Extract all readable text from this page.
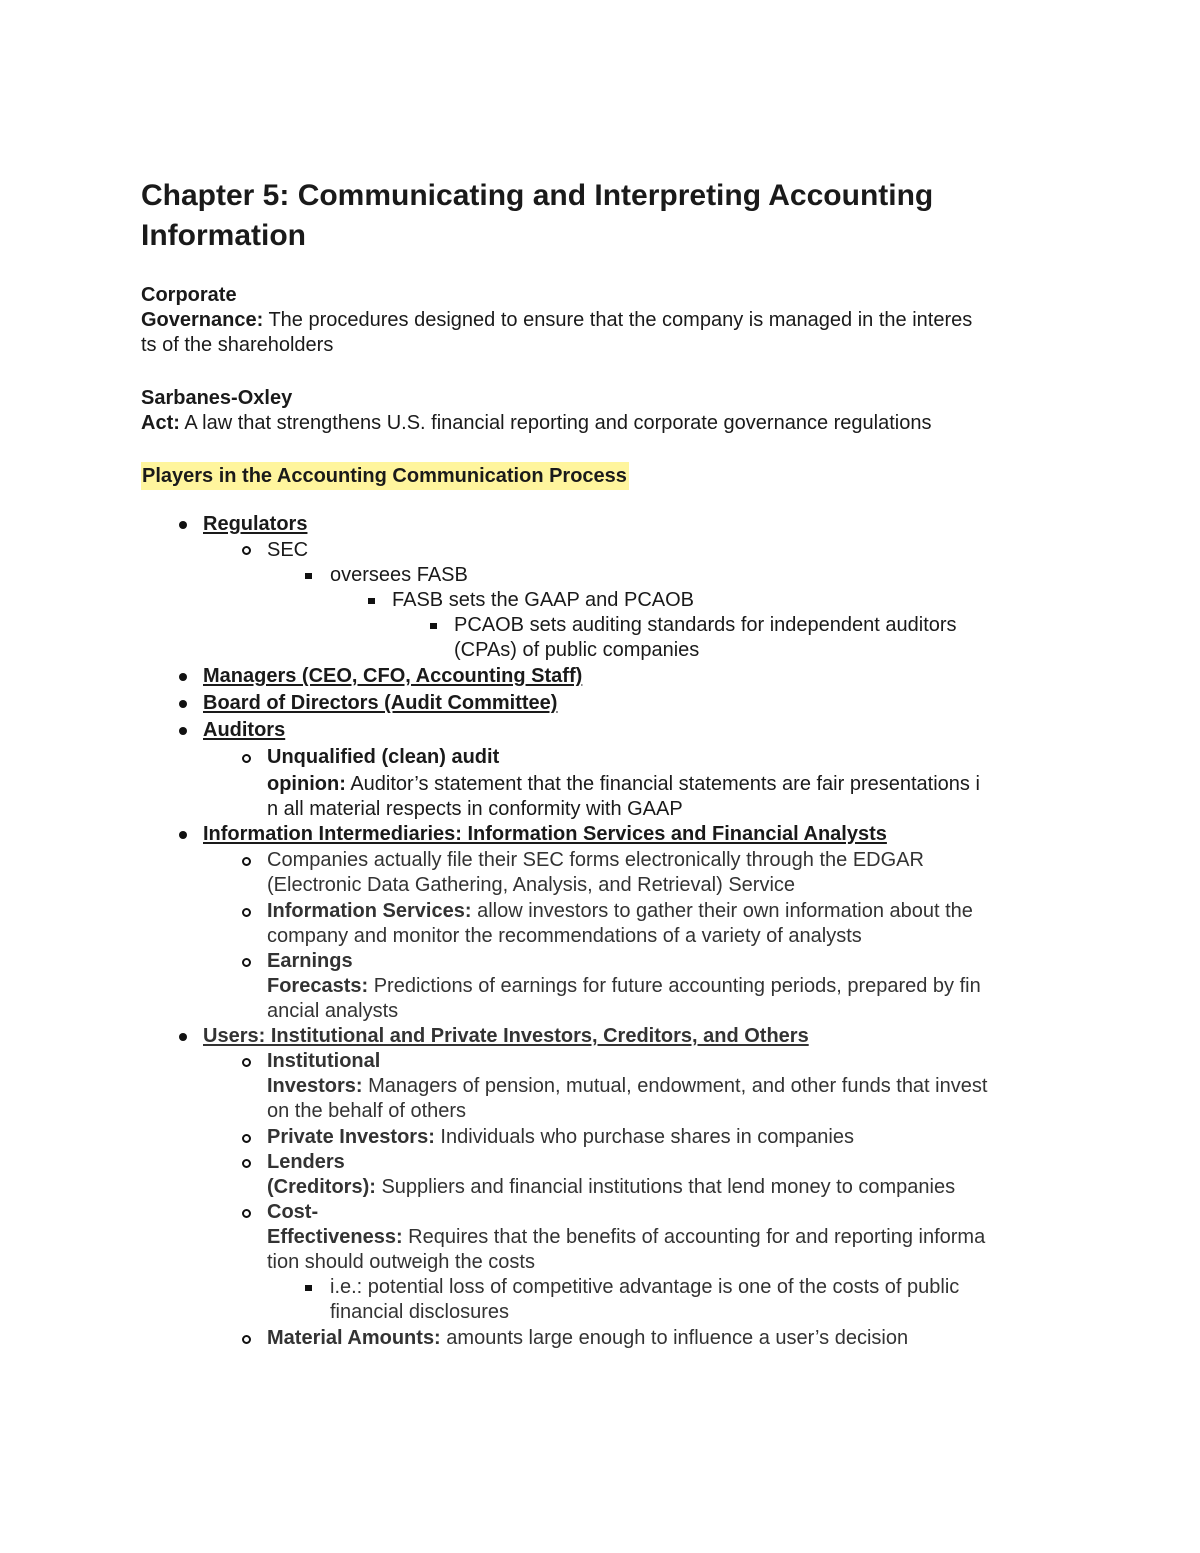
Chapter 5: Communicating and Interpreting Accounting Information
Corporate
Governance: The procedures designed to ensure that the company is managed in the interes
ts of the shareholders
Sarbanes-Oxley
Act: A law that strengthens U.S. financial reporting and corporate governance regulations
Players in the Accounting Communication Process
Regulators
SEC
oversees FASB
FASB sets the GAAP and PCAOB
PCAOB sets auditing standards for independent auditors
(CPAs) of public companies
Managers (CEO, CFO, Accounting Staff)
Board of Directors (Audit Committee)
Auditors
Unqualified (clean) audit
opinion: Auditor’s statement that the financial statements are fair presentations i
n all material respects in conformity with GAAP
Information Intermediaries: Information Services and Financial Analysts
Companies actually file their SEC forms electronically through the EDGAR
(Electronic Data Gathering, Analysis, and Retrieval) Service
Information Services: allow investors to gather their own information about the
company and monitor the recommendations of a variety of analysts
Earnings
Forecasts: Predictions of earnings for future accounting periods, prepared by fin
ancial analysts
Users: Institutional and Private Investors, Creditors, and Others
Institutional
Investors: Managers of pension, mutual, endowment, and other funds that invest
on the behalf of others
Private Investors: Individuals who purchase shares in companies
Lenders
(Creditors): Suppliers and financial institutions that lend money to companies
Cost-
Effectiveness: Requires that the benefits of accounting for and reporting informa
tion should outweigh the costs
i.e.: potential loss of competitive advantage is one of the costs of public
financial disclosures
Material Amounts: amounts large enough to influence a user’s decision
